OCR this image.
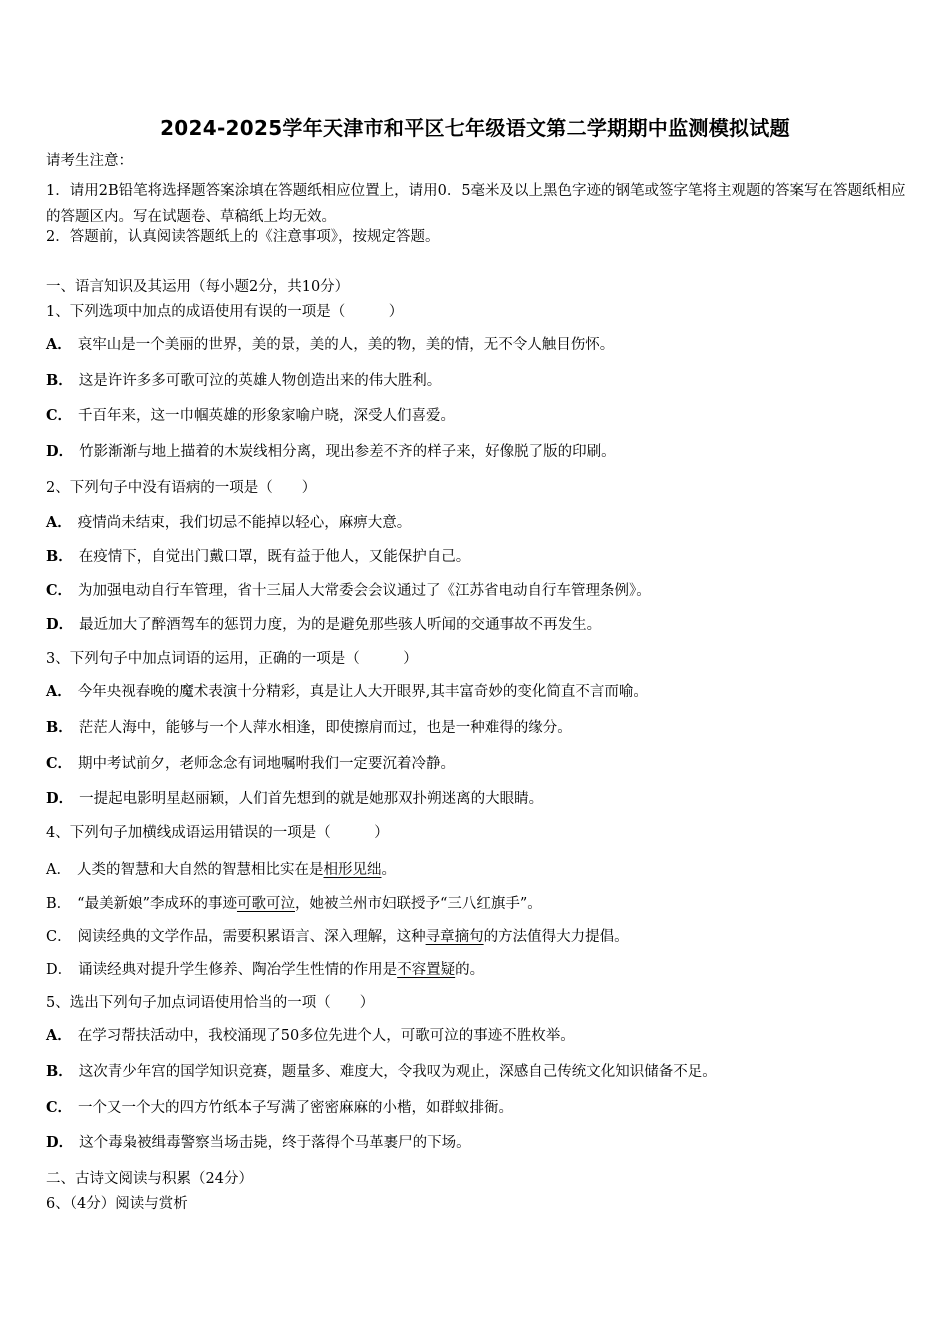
2024-2025学年天津市和平区七年级语文第二学期期中监测模拟试题
请考生注意：
1．请用2B铅笔将选择题答案涂填在答题纸相应位置上，请用0．5毫米及以上黑色字迹的钢笔或签字笔将主观题的答案写在答题纸相应的答题区内。写在试题卷、草稿纸上均无效。
2．答题前，认真阅读答题纸上的《注意事项》，按规定答题。
一、语言知识及其运用（每小题2分，共10分）
1、下列选项中加点的成语使用有误的一项是（　　　）
A． 哀牢山是一个美丽的世界，美的景，美的人，美的物，美的情，无不令人触目伤怀。
B． 这是许许多多可歌可泣的英雄人物创造出来的伟大胜利。
C． 千百年来，这一巾帼英雄的形象家喻户晓，深受人们喜爱。
D． 竹影渐渐与地上描着的木炭线相分离，现出参差不齐的样子来，好像脱了版的印刷。
2、下列句子中没有语病的一项是（　　）
A． 疫情尚未结束，我们切忌不能掉以轻心，麻痹大意。
B． 在疫情下，自觉出门戴口罩，既有益于他人，又能保护自己。
C． 为加强电动自行车管理，省十三届人大常委会会议通过了《江苏省电动自行车管理条例》。
D． 最近加大了醉酒驾车的惩罚力度，为的是避免那些骇人听闻的交通事故不再发生。
3、下列句子中加点词语的运用，正确的一项是（　　　）
A． 今年央视春晚的魔术表演十分精彩，真是让人大开眼界,其丰富奇妙的变化简直不言而喻。
B． 茫茫人海中，能够与一个人萍水相逢，即使擦肩而过，也是一种难得的缘分。
C． 期中考试前夕，老师念念有词地嘱咐我们一定要沉着冷静。
D． 一提起电影明星赵丽颖，人们首先想到的就是她那双扑朔迷离的大眼睛。
4、下列句子加横线成语运用错误的一项是（　　　）
A． 人类的智慧和大自然的智慧相比实在是相形见绌。
B． “最美新娘”李成环的事迹可歌可泣，她被兰州市妇联授予“三八红旗手”。
C． 阅读经典的文学作品，需要积累语言、深入理解，这种寻章摘句的方法值得大力提倡。
D． 诵读经典对提升学生修养、陶冶学生性情的作用是不容置疑的。
5、选出下列句子加点词语使用恰当的一项（　　）
A． 在学习帮扶活动中，我校涌现了50多位先进个人，可歌可泣的事迹不胜枚举。
B． 这次青少年宫的国学知识竞赛，题量多、难度大，令我叹为观止，深感自己传统文化知识储备不足。
C． 一个又一个大的四方竹纸本子写满了密密麻麻的小楷，如群蚁排衙。
D． 这个毒枭被缉毒警察当场击毙，终于落得个马革裹尸的下场。
二、古诗文阅读与积累（24分）
6、（4分）阅读与赏析
